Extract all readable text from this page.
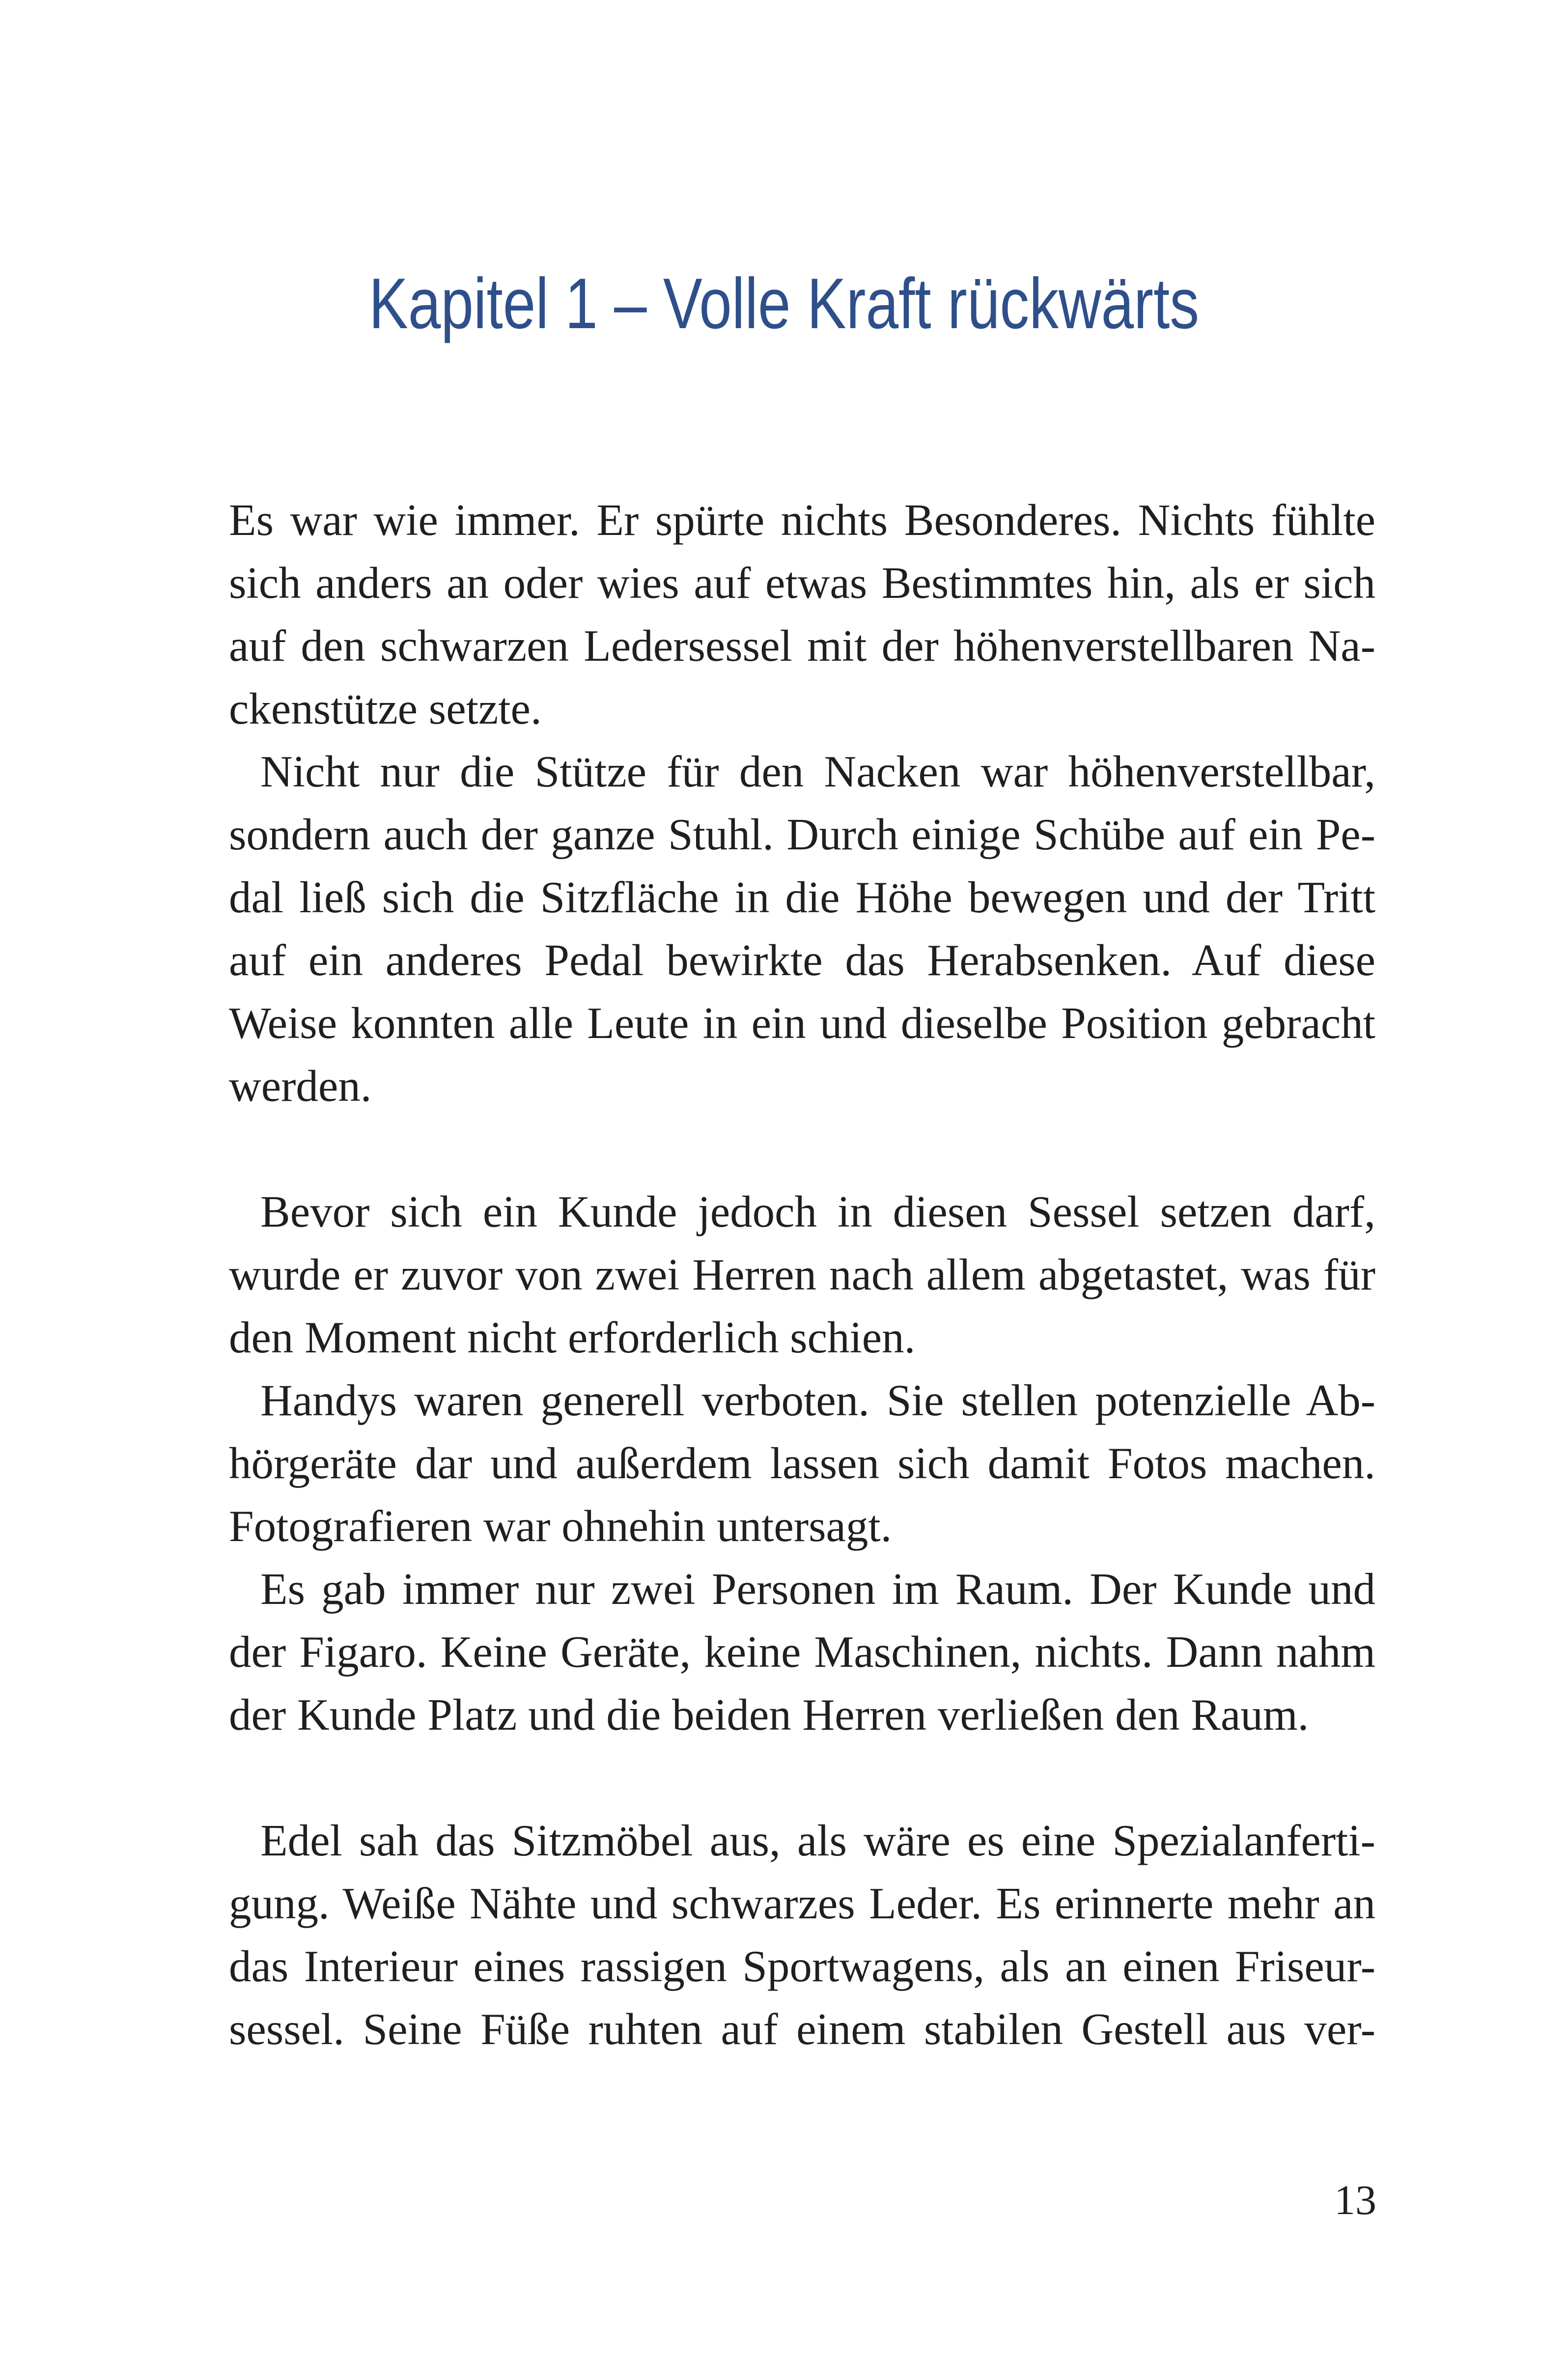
Kapitel 1 – Volle Kraft rückwärts
Es war wie immer. Er spürte nichts Besonderes. Nichts fühlte
sich anders an oder wies auf etwas Bestimmtes hin, als er sich
auf den schwarzen Ledersessel mit der höhenverstellbaren Na-
ckenstütze setzte.
Nicht nur die Stütze für den Nacken war höhenverstellbar,
sondern auch der ganze Stuhl. Durch einige Schübe auf ein Pe-
dal ließ sich die Sitzfläche in die Höhe bewegen und der Tritt
auf ein anderes Pedal bewirkte das Herabsenken. Auf diese
Weise konnten alle Leute in ein und dieselbe Position gebracht
werden.
Bevor sich ein Kunde jedoch in diesen Sessel setzen darf,
wurde er zuvor von zwei Herren nach allem abgetastet, was für
den Moment nicht erforderlich schien.
Handys waren generell verboten. Sie stellen potenzielle Ab-
hörgeräte dar und außerdem lassen sich damit Fotos machen.
Fotografieren war ohnehin untersagt.
Es gab immer nur zwei Personen im Raum. Der Kunde und
der Figaro. Keine Geräte, keine Maschinen, nichts. Dann nahm
der Kunde Platz und die beiden Herren verließen den Raum.
Edel sah das Sitzmöbel aus, als wäre es eine Spezialanferti-
gung. Weiße Nähte und schwarzes Leder. Es erinnerte mehr an
das Interieur eines rassigen Sportwagens, als an einen Friseur-
sessel. Seine Füße ruhten auf einem stabilen Gestell aus ver-
13
